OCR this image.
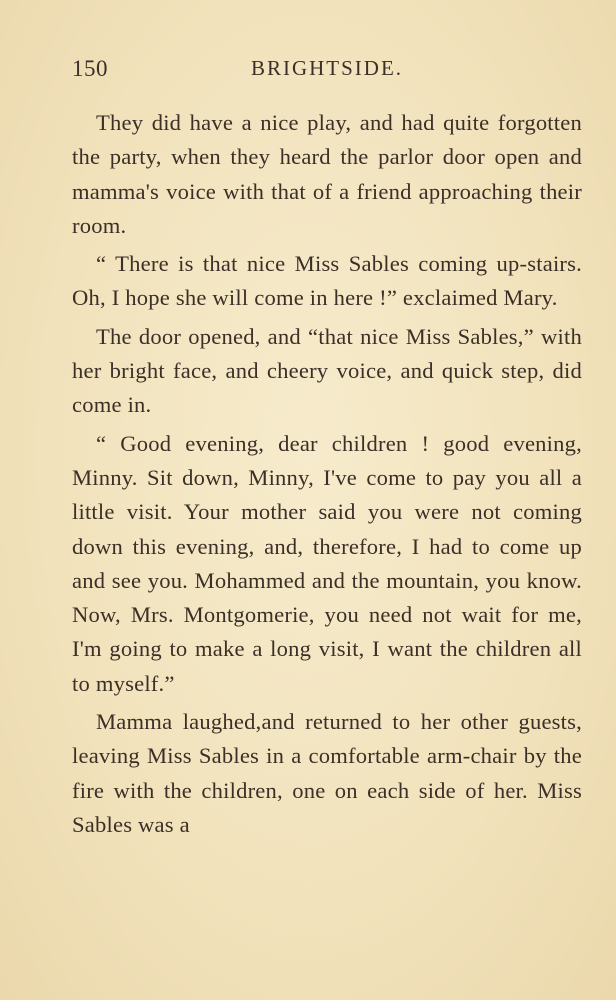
150	BRIGHTSIDE.

They did have a nice play, and had quite forgotten the party, when they heard the parlor door open and mamma's voice with that of a friend approaching their room.

“ There is that nice Miss Sables coming up-stairs. Oh, I hope she will come in here !” exclaimed Mary.

The door opened, and “that nice Miss Sables,” with her bright face, and cheery voice, and quick step, did come in.

“ Good evening, dear children ! good evening, Minny. Sit down, Minny, I've come to pay you all a little visit. Your mother said you were not coming down this evening, and, therefore, I had to come up and see you. Mohammed and the mountain, you know. Now, Mrs. Montgomerie, you need not wait for me, I'm going to make a long visit, I want the children all to myself.”

Mamma laughed,and returned to her other guests, leaving Miss Sables in a comfortable arm-chair by the fire with the children, one on each side of her. Miss Sables was a
